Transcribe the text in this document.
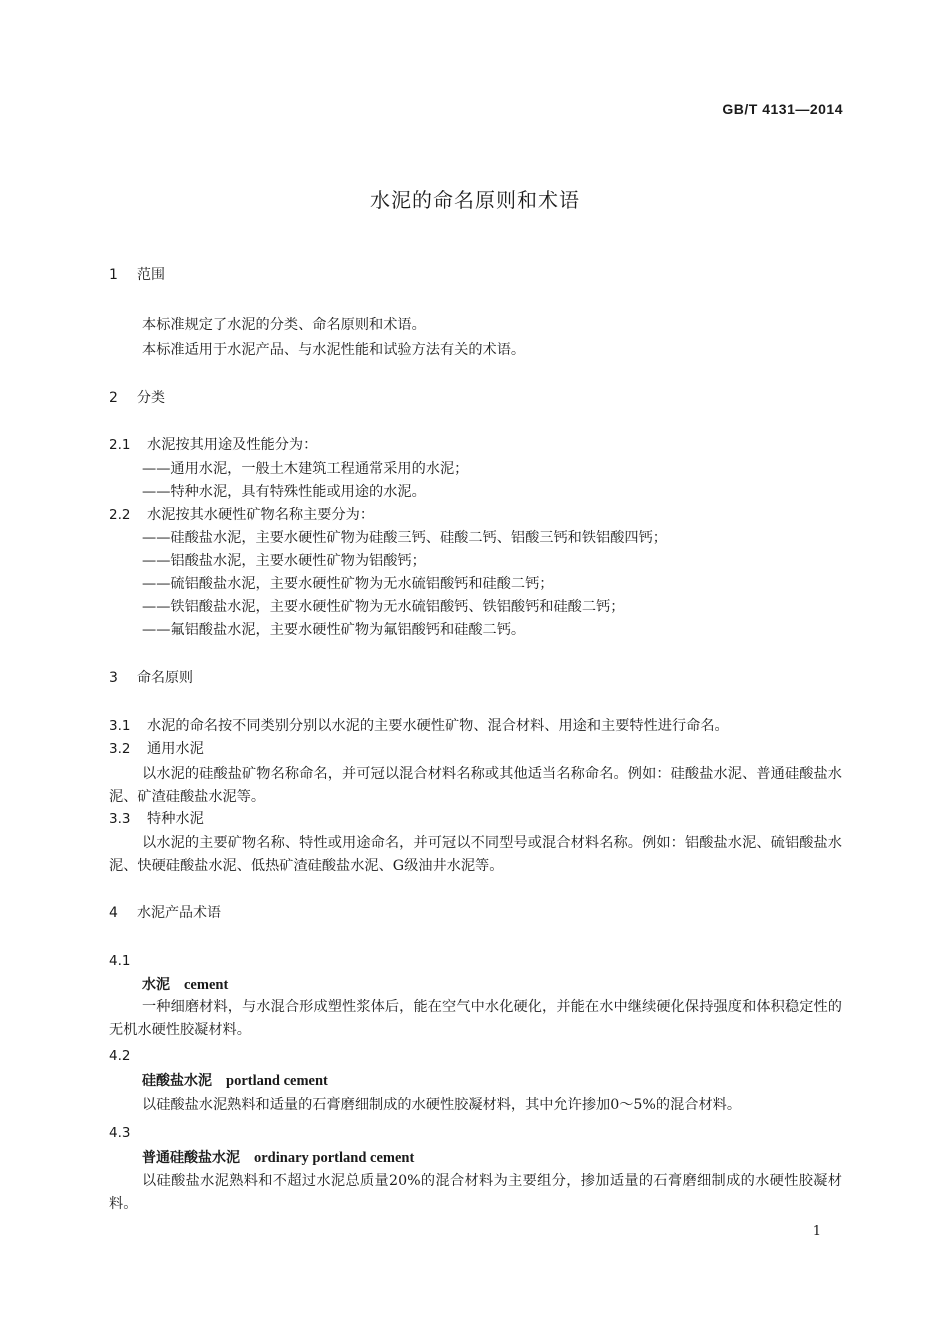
GB/T 4131—2014
水泥的命名原则和术语
1 范围
本标准规定了水泥的分类、命名原则和术语。
本标准适用于水泥产品、与水泥性能和试验方法有关的术语。
2 分类
2.1 水泥按其用途及性能分为：
——通用水泥，一般土木建筑工程通常采用的水泥；
——特种水泥，具有特殊性能或用途的水泥。
2.2 水泥按其水硬性矿物名称主要分为：
——硅酸盐水泥，主要水硬性矿物为硅酸三钙、硅酸二钙、铝酸三钙和铁铝酸四钙；
——铝酸盐水泥，主要水硬性矿物为铝酸钙；
——硫铝酸盐水泥，主要水硬性矿物为无水硫铝酸钙和硅酸二钙；
——铁铝酸盐水泥，主要水硬性矿物为无水硫铝酸钙、铁铝酸钙和硅酸二钙；
——氟铝酸盐水泥，主要水硬性矿物为氟铝酸钙和硅酸二钙。
3 命名原则
3.1 水泥的命名按不同类别分别以水泥的主要水硬性矿物、混合材料、用途和主要特性进行命名。
3.2 通用水泥
以水泥的硅酸盐矿物名称命名，并可冠以混合材料名称或其他适当名称命名。例如：硅酸盐水泥、普通硅酸盐水泥、矿渣硅酸盐水泥等。
3.3 特种水泥
以水泥的主要矿物名称、特性或用途命名，并可冠以不同型号或混合材料名称。例如：铝酸盐水泥、硫铝酸盐水泥、快硬硅酸盐水泥、低热矿渣硅酸盐水泥、G级油井水泥等。
4 水泥产品术语
4.1
水泥 cement
一种细磨材料，与水混合形成塑性浆体后，能在空气中水化硬化，并能在水中继续硬化保持强度和体积稳定性的无机水硬性胶凝材料。
4.2
硅酸盐水泥 portland cement
以硅酸盐水泥熟料和适量的石膏磨细制成的水硬性胶凝材料，其中允许掺加0～5%的混合材料。
4.3
普通硅酸盐水泥 ordinary portland cement
以硅酸盐水泥熟料和不超过水泥总质量20%的混合材料为主要组分，掺加适量的石膏磨细制成的水硬性胶凝材料。
1
